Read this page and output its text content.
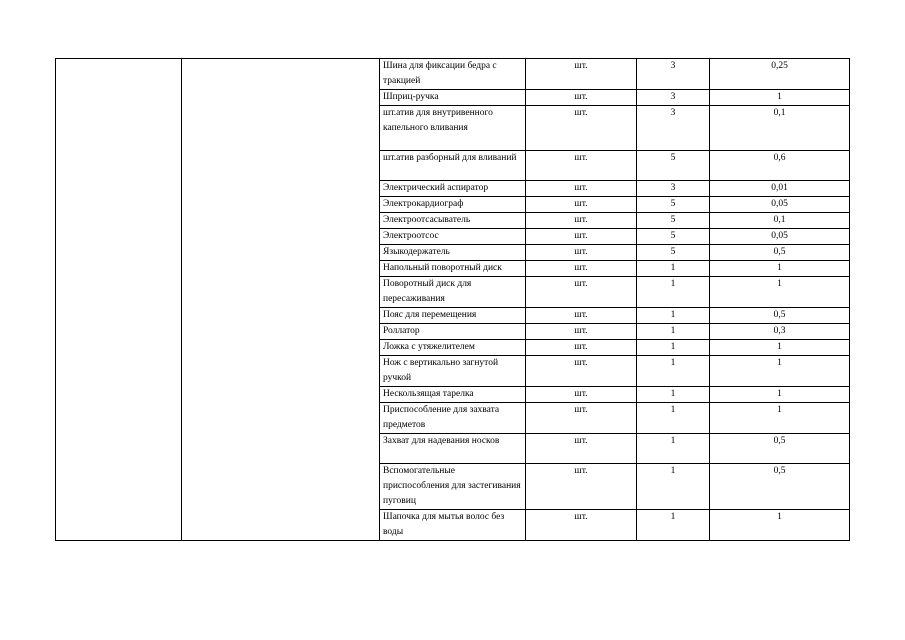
		Шина для фиксации бедра с тракцией	шт.	3	0,25
		Шприц-ручка	шт.	3	1
		шт.атив для внутривенного капельного вливания	шт.	3	0,1
		шт.атив разборный для вливаний	шт.	5	0,6
		Электрический аспиратор	шт.	3	0,01
		Электрокардиограф	шт.	5	0,05
		Электроотсасыватель	шт.	5	0,1
		Электроотсос	шт.	5	0,05
		Языкодержатель	шт.	5	0,5
		Напольный поворотный диск	шт.	1	1
		Поворотный диск для пересаживания	шт.	1	1
		Пояс для перемещения	шт.	1	0,5
		Роллатор	шт.	1	0,3
		Ложка с утяжелителем	шт.	1	1
		Нож с вертикально загнутой ручкой	шт.	1	1
		Нескользящая тарелка	шт.	1	1
		Приспособление для захвата предметов	шт.	1	1
		Захват для надевания носков	шт.	1	0,5
		Вспомогательные приспособления для застегивания пуговиц	шт.	1	0,5
		Шапочка для мытья волос без воды	шт.	1	1
